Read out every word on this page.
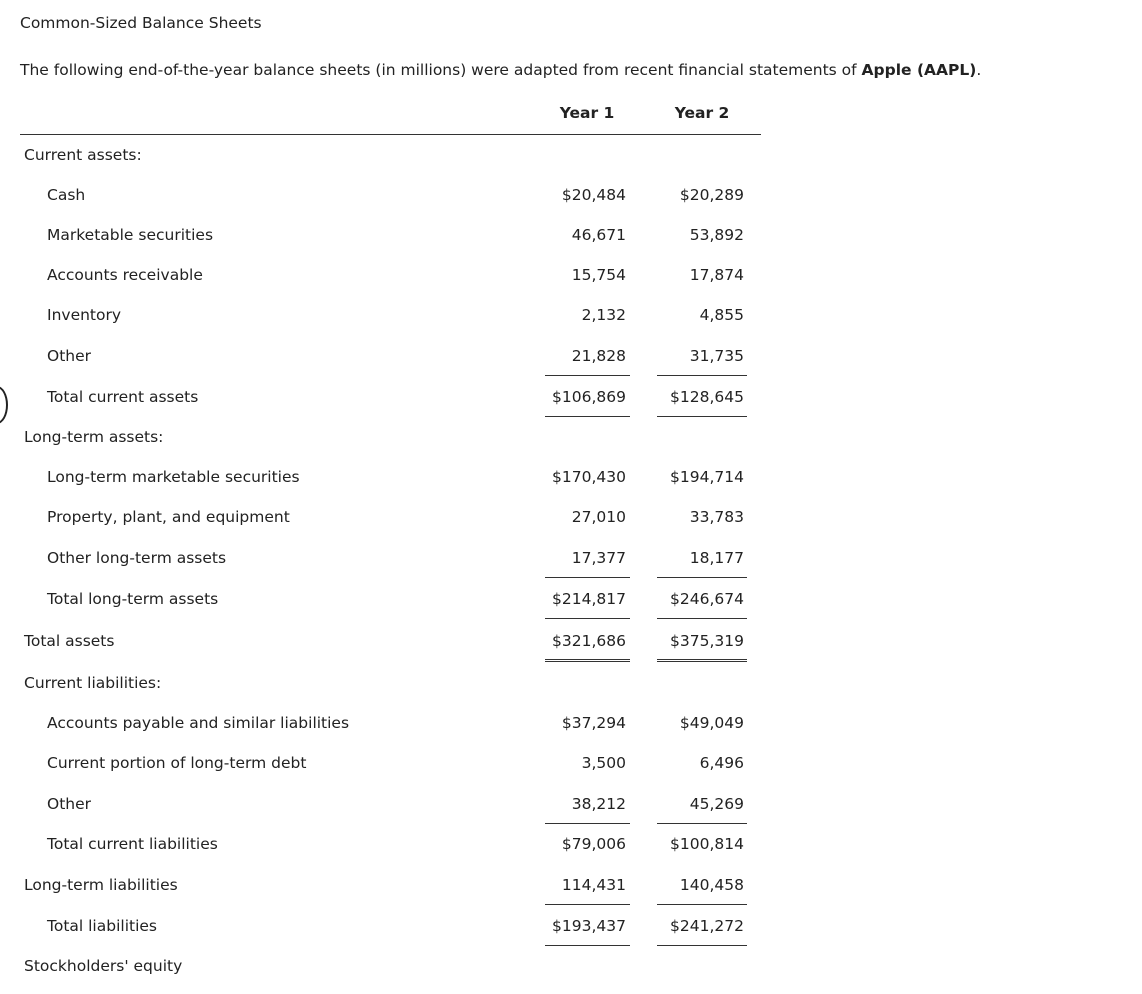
Common-Sized Balance Sheets
The following end-of-the-year balance sheets (in millions) were adapted from recent financial statements of Apple (AAPL).
Year 1	Year 2
Current assets:
Cash	$20,484	$20,289
Marketable securities	46,671	53,892
Accounts receivable	15,754	17,874
Inventory	2,132	4,855
Other	21,828	31,735
Total current assets	$106,869	$128,645
Long-term assets:
Long-term marketable securities	$170,430	$194,714
Property, plant, and equipment	27,010	33,783
Other long-term assets	17,377	18,177
Total long-term assets	$214,817	$246,674
Total assets	$321,686	$375,319
Current liabilities:
Accounts payable and similar liabilities	$37,294	$49,049
Current portion of long-term debt	3,500	6,496
Other	38,212	45,269
Total current liabilities	$79,006	$100,814
Long-term liabilities	114,431	140,458
Total liabilities	$193,437	$241,272
Stockholders' equity
